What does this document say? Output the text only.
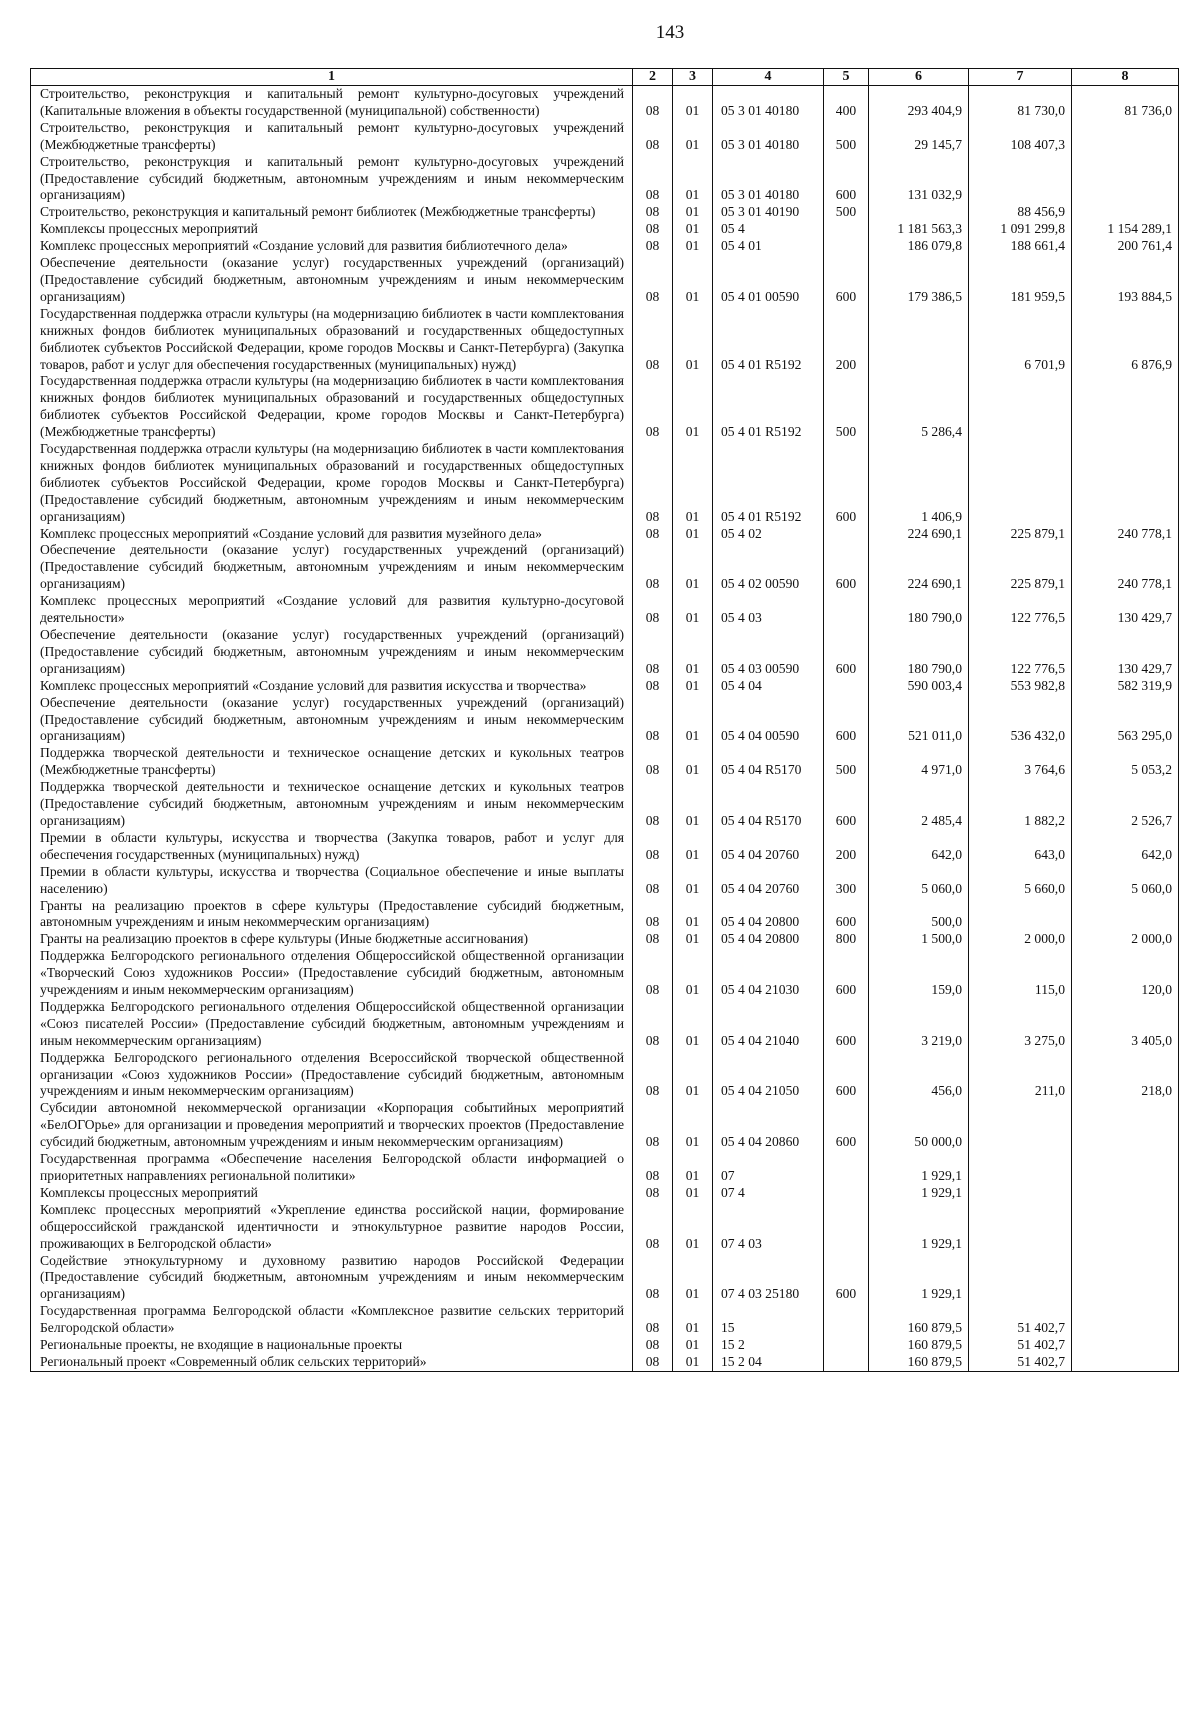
143
1	2	3	4	5	6	7	8
Строительство, реконструкция и капитальный ремонт культурно-досуговых учреждений (Капитальные вложения в объекты государственной (муниципальной) собственности)	08	01	05 3 01 40180	400	293 404,9	81 730,0	81 736,0
Строительство, реконструкция и капитальный ремонт культурно-досуговых учреждений (Межбюджетные трансферты)	08	01	05 3 01 40180	500	29 145,7	108 407,3	
Строительство, реконструкция и капитальный ремонт культурно-досуговых учреждений (Предоставление субсидий бюджетным, автономным учреждениям и иным некоммерческим организациям)	08	01	05 3 01 40180	600	131 032,9		
Строительство, реконструкция и капитальный ремонт библиотек (Межбюджетные трансферты)	08	01	05 3 01 40190	500		88 456,9	
Комплексы процессных мероприятий	08	01	05 4		1 181 563,3	1 091 299,8	1 154 289,1
Комплекс процессных мероприятий «Создание условий для развития библиотечного дела»	08	01	05 4 01		186 079,8	188 661,4	200 761,4
Обеспечение деятельности (оказание услуг) государственных учреждений (организаций) (Предоставление субсидий бюджетным, автономным учреждениям и иным некоммерческим организациям)	08	01	05 4 01 00590	600	179 386,5	181 959,5	193 884,5
Государственная поддержка отрасли культуры (на модернизацию библиотек в части комплектования книжных фондов библиотек муниципальных образований и государственных общедоступных библиотек субъектов Российской Федерации, кроме городов Москвы и Санкт-Петербурга) (Закупка товаров, работ и услуг для обеспечения государственных (муниципальных) нужд)	08	01	05 4 01 R5192	200		6 701,9	6 876,9
Государственная поддержка отрасли культуры (на модернизацию библиотек в части комплектования книжных фондов библиотек муниципальных образований и государственных общедоступных библиотек субъектов Российской Федерации, кроме городов Москвы и Санкт-Петербурга) (Межбюджетные трансферты)	08	01	05 4 01 R5192	500	5 286,4		
Государственная поддержка отрасли культуры (на модернизацию библиотек в части комплектования книжных фондов библиотек муниципальных образований и государственных общедоступных библиотек субъектов Российской Федерации, кроме городов Москвы и Санкт-Петербурга) (Предоставление субсидий бюджетным, автономным учреждениям и иным некоммерческим организациям)	08	01	05 4 01 R5192	600	1 406,9		
Комплекс процессных мероприятий «Создание условий для развития музейного дела»	08	01	05 4 02		224 690,1	225 879,1	240 778,1
Обеспечение деятельности (оказание услуг) государственных учреждений (организаций) (Предоставление субсидий бюджетным, автономным учреждениям и иным некоммерческим организациям)	08	01	05 4 02 00590	600	224 690,1	225 879,1	240 778,1
Комплекс процессных мероприятий «Создание условий для развития культурно-досуговой деятельности»	08	01	05 4 03		180 790,0	122 776,5	130 429,7
Обеспечение деятельности (оказание услуг) государственных учреждений (организаций) (Предоставление субсидий бюджетным, автономным учреждениям и иным некоммерческим организациям)	08	01	05 4 03 00590	600	180 790,0	122 776,5	130 429,7
Комплекс процессных мероприятий «Создание условий для развития искусства и творчества»	08	01	05 4 04		590 003,4	553 982,8	582 319,9
Обеспечение деятельности (оказание услуг) государственных учреждений (организаций) (Предоставление субсидий бюджетным, автономным учреждениям и иным некоммерческим организациям)	08	01	05 4 04 00590	600	521 011,0	536 432,0	563 295,0
Поддержка творческой деятельности и техническое оснащение детских и кукольных театров (Межбюджетные трансферты)	08	01	05 4 04 R5170	500	4 971,0	3 764,6	5 053,2
Поддержка творческой деятельности и техническое оснащение детских и кукольных театров (Предоставление субсидий бюджетным, автономным учреждениям и иным некоммерческим организациям)	08	01	05 4 04 R5170	600	2 485,4	1 882,2	2 526,7
Премии в области культуры, искусства и творчества (Закупка товаров, работ и услуг для обеспечения государственных (муниципальных) нужд)	08	01	05 4 04 20760	200	642,0	643,0	642,0
Премии в области культуры, искусства и творчества (Социальное обеспечение и иные выплаты населению)	08	01	05 4 04 20760	300	5 060,0	5 660,0	5 060,0
Гранты на реализацию проектов в сфере культуры (Предоставление субсидий бюджетным, автономным учреждениям и иным некоммерческим организациям)	08	01	05 4 04 20800	600	500,0		
Гранты на реализацию проектов в сфере культуры (Иные бюджетные ассигнования)	08	01	05 4 04 20800	800	1 500,0	2 000,0	2 000,0
Поддержка Белгородского регионального отделения Общероссийской общественной организации «Творческий Союз художников России» (Предоставление субсидий бюджетным, автономным учреждениям и иным некоммерческим организациям)	08	01	05 4 04 21030	600	159,0	115,0	120,0
Поддержка Белгородского регионального отделения Общероссийской общественной организации «Союз писателей России» (Предоставление субсидий бюджетным, автономным учреждениям и иным некоммерческим организациям)	08	01	05 4 04 21040	600	3 219,0	3 275,0	3 405,0
Поддержка Белгородского регионального отделения Всероссийской творческой общественной организации «Союз художников России» (Предоставление субсидий бюджетным, автономным учреждениям и иным некоммерческим организациям)	08	01	05 4 04 21050	600	456,0	211,0	218,0
Субсидии автономной некоммерческой организации «Корпорация событийных мероприятий «БелОГОрье» для организации и проведения мероприятий и творческих проектов (Предоставление субсидий бюджетным, автономным учреждениям и иным некоммерческим организациям)	08	01	05 4 04 20860	600	50 000,0		
Государственная программа «Обеспечение населения Белгородской области информацией о приоритетных направлениях региональной политики»	08	01	07		1 929,1		
Комплексы процессных мероприятий	08	01	07 4		1 929,1		
Комплекс процессных мероприятий «Укрепление единства российской нации, формирование общероссийской гражданской идентичности и этнокультурное развитие народов России, проживающих в Белгородской области»	08	01	07 4 03		1 929,1		
Содействие этнокультурному и духовному развитию народов Российской Федерации (Предоставление субсидий бюджетным, автономным учреждениям и иным некоммерческим организациям)	08	01	07 4 03 25180	600	1 929,1		
Государственная программа Белгородской области «Комплексное развитие сельских территорий Белгородской области»	08	01	15		160 879,5	51 402,7	
Региональные проекты, не входящие в национальные проекты	08	01	15 2		160 879,5	51 402,7	
Региональный проект «Современный облик сельских территорий»	08	01	15 2 04		160 879,5	51 402,7	
